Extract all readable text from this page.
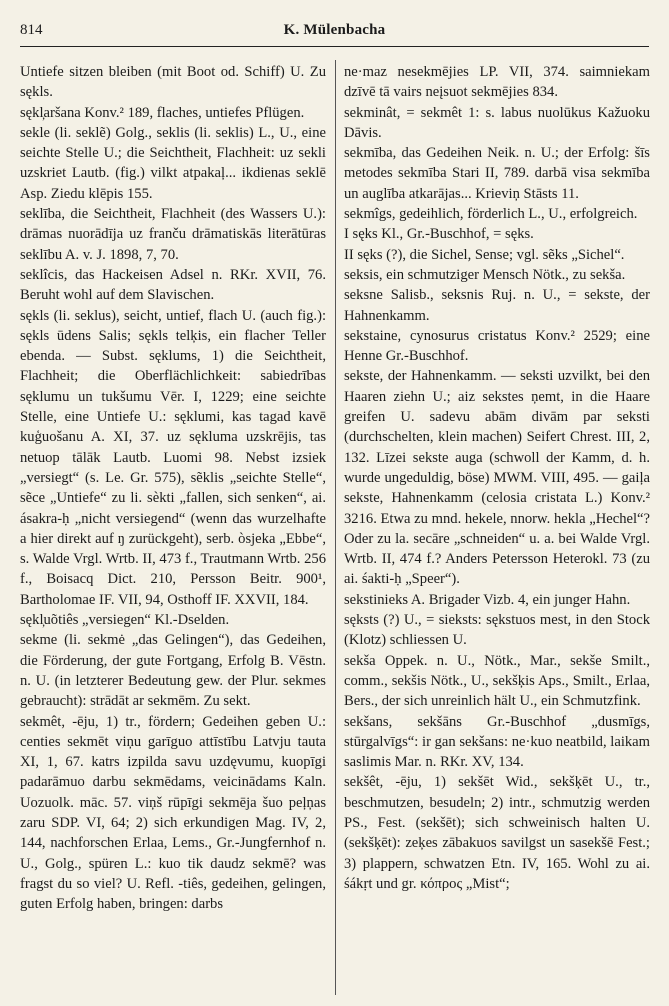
814	K. Mülenbacha

Untiefe sitzen bleiben (mit Boot od. Schiff) U. Zu sękls.

sękl̦aršana Konv.² 189, flaches, untiefes Pflügen.

sekle (li. seklẽ) Golg., seklis (li. seklis) L., U., eine seichte Stelle U.; die Seichtheit, Flachheit: uz sekli uzskriet Lautb. (fig.) vilkt atpakaļ... ikdienas seklē Asp. Ziedu klēpis 155.

seklība, die Seichtheit, Flachheit (des Wassers U.): drāmas nuorādīja uz franču drāmatiskās literātūras seklību A. v. J. 1898, 7, 70.

seklîcis, das Hackeisen Adsel n. RKr. XVII, 76. Beruht wohl auf dem Slavischen.

sękls (li. seklus), seicht, untief, flach U. (auch fig.): sękls ūdens Salis; sękls telķis, ein flacher Teller ebenda. — Subst. sęklums, 1) die Seichtheit, Flachheit; die Oberflächlichkeit: sabiedrības sęklumu un tukšumu Vēr. I, 1229; eine seichte Stelle, eine Untiefe U.: sęklumi, kas tagad kavē kuģuošanu A. XI, 37. uz sękluma uzskrējis, tas netuop tālāk Lautb. Luomi 98. Nebst izsiek „versiegt“ (s. Le. Gr. 575), sẽklis „seichte Stelle“, sẽce „Untiefe“ zu li. sèkti „fallen, sich senken“, ai. ásakra-ḥ „nicht versiegend“ (wenn das wurzelhafte a hier direkt auf ŋ zurückgeht), serb. òsjeka „Ebbe“, s. Walde Vrgl. Wrtb. II, 473 f., Trautmann Wrtb. 256 f., Boisacq Dict. 210, Persson Beitr. 900¹, Bartholomae IF. VII, 94, Osthoff IF. XXVII, 184.

sękl̦uõtiês „versiegen“ Kl.-Dselden.

sekme (li. sekmė „das Gelingen“), das Gedeihen, die Förderung, der gute Fortgang, Erfolg B. Vēstn. n. U. (in letzterer Bedeutung gew. der Plur. sekmes gebraucht): strādāt ar sekmēm. Zu sekt.

sekmêt, -ēju, 1) tr., fördern; Gedeihen geben U.: centies sekmēt viņu garīguo attīstību Latvju tauta XI, 1, 67. katrs izpilda savu uzdęvumu, kuopīgi padarāmuo darbu sekmēdams, veicinādams Kaln. Uozuolk. māc. 57. viņš rūpīgi sekmēja šuo peļņas zaru SDP. VI, 64; 2) sich erkundigen Mag. IV, 2, 144, nachforschen Erlaa, Lems., Gr.-Jungfernhof n. U., Golg., spüren L.: kuo tik daudz sekmē? was fragst du so viel? U. Refl. -tiês, gedeihen, gelingen, guten Erfolg haben, bringen: darbs

ne·maz nesekmējies LP. VII, 374. saimniekam dzīvē tā vairs neįsuot sekmējies 834.

sekminât, = sekmêt 1: s. labus nuolūkus Kažuoku Dāvis.

sekmība, das Gedeihen Neik. n. U.; der Erfolg: šīs metodes sekmība Stari II, 789. darbā visa sekmība un auglība atkarājas... Krieviņ Stāsts 11.

sekmîgs, gedeihlich, förderlich L., U., erfolgreich.

I sęks Kl., Gr.-Buschhof, = sęks.

II sęks (?), die Sichel, Sense; vgl. sẽks „Sichel“.

seksis, ein schmutziger Mensch Nötk., zu sekša.

seksne Salisb., seksnis Ruj. n. U., = sekste, der Hahnenkamm.

sekstaine, cynosurus cristatus Konv.² 2529; eine Henne Gr.-Buschhof.

sekste, der Hahnenkamm. — seksti uzvilkt, bei den Haaren ziehn U.; aiz sekstes ņemt, in die Haare greifen U. sadevu abām divām par seksti (durchschelten, klein machen) Seifert Chrest. III, 2, 132. Līzei sekste auga (schwoll der Kamm, d. h. wurde ungeduldig, böse) MWM. VIII, 495. — gaiļa sekste, Hahnenkamm (celosia cristata L.) Konv.² 3216. Etwa zu mnd. hekele, nnorw. hekla „Hechel“? Oder zu la. secāre „schneiden“ u. a. bei Walde Vrgl. Wrtb. II, 474 f.? Anders Petersson Heterokl. 73 (zu ai. śakti-ḥ „Speer“).

sekstinieks A. Brigader Vizb. 4, ein junger Hahn.

sęksts (?) U., = sieksts: sękstuos mest, in den Stock (Klotz) schliessen U.

sekša Oppek. n. U., Nötk., Mar., sekše Smilt., comm., sekšis Nötk., U., sekšķis Aps., Smilt., Erlaa, Bers., der sich unreinlich hält U., ein Schmutzfink.

sekšans, sekšāns Gr.-Buschhof „dusmīgs, stūrgalvīgs“: ir gan sekšans: ne·kuo neatbild, laikam saslimis Mar. n. RKr. XV, 134.

sekšêt, -ēju, 1) sekšēt Wid., sekšķēt U., tr., beschmutzen, besudeln; 2) intr., schmutzig werden PS., Fest. (sekšēt); sich schweinisch halten U. (sekšķēt): zeķes zābakuos savilgst un sasekšē Fest.; 3) plappern, schwatzen Etn. IV, 165. Wohl zu ai. śákṛt und gr. κόπρος „Mist“;
